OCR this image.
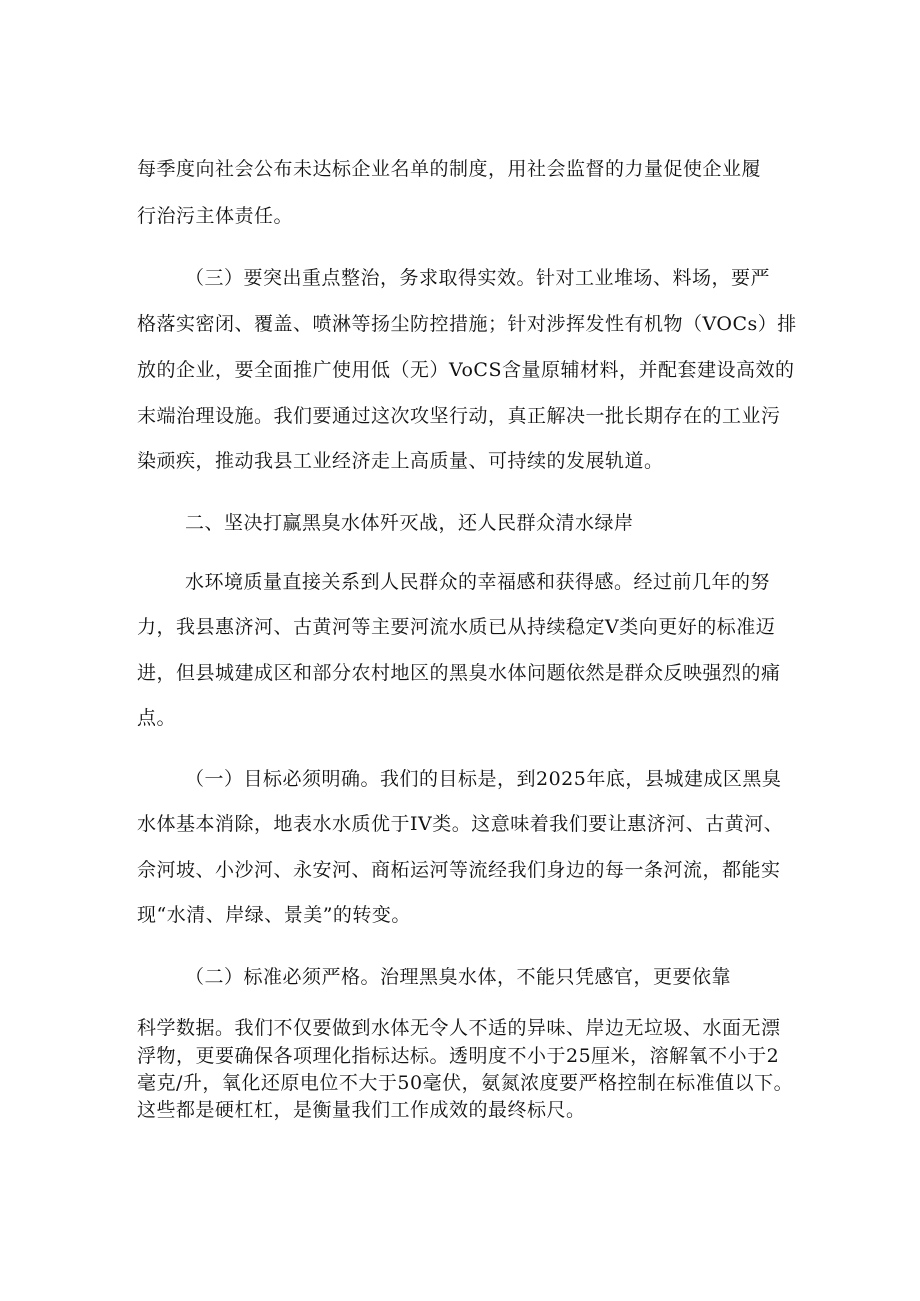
每季度向社会公布未达标企业名单的制度，用社会监督的力量促使企业履
行治污主体责任。
（三）要突出重点整治，务求取得实效。针对工业堆场、料场，要严
格落实密闭、覆盖、喷淋等扬尘防控措施；针对涉挥发性有机物（VOCs）排
放的企业，要全面推广使用低（无）VoCS含量原辅材料，并配套建设高效的
末端治理设施。我们要通过这次攻坚行动，真正解决一批长期存在的工业污
染顽疾，推动我县工业经济走上高质量、可持续的发展轨道。
二、坚决打赢黑臭水体歼灭战，还人民群众清水绿岸
水环境质量直接关系到人民群众的幸福感和获得感。经过前几年的努
力，我县惠济河、古黄河等主要河流水质已从持续稳定V类向更好的标准迈
进，但县城建成区和部分农村地区的黑臭水体问题依然是群众反映强烈的痛
点。
（一）目标必须明确。我们的目标是，到2025年底，县城建成区黑臭
水体基本消除，地表水水质优于IV类。这意味着我们要让惠济河、古黄河、
佘河坡、小沙河、永安河、商柘运河等流经我们身边的每一条河流，都能实
现“水清、岸绿、景美”的转变。
（二）标准必须严格。治理黑臭水体，不能只凭感官，更要依靠
科学数据。我们不仅要做到水体无令人不适的异味、岸边无垃圾、水面无漂
浮物，更要确保各项理化指标达标。透明度不小于25厘米，溶解氧不小于2
毫克/升，氧化还原电位不大于50毫伏，氨氮浓度要严格控制在标准值以下。
这些都是硬杠杠，是衡量我们工作成效的最终标尺。
